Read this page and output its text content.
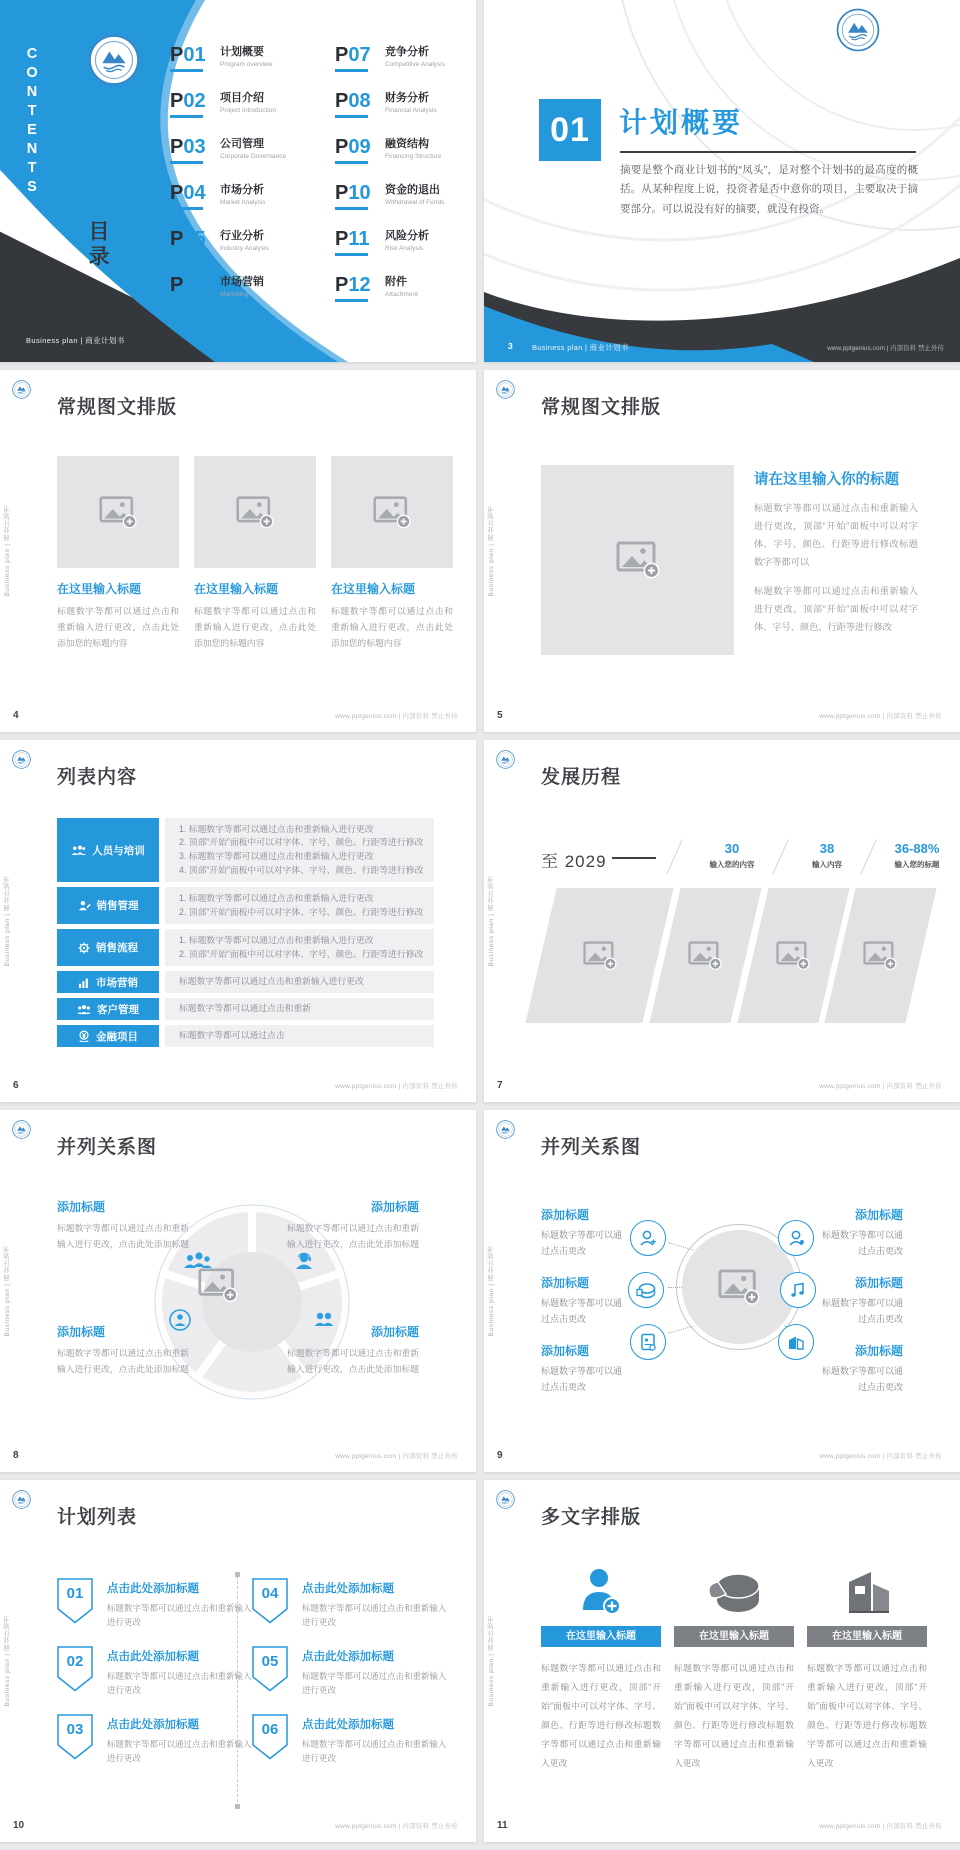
CONTENTS
目录
P01	计划概要
Program overview
P02	项目介绍
Project Introduction
P03	公司管理
Corporate Governance
P04	市场分析
Market Analysis
P05	行业分析
Industry Analysis
P06	市场营销
Marketing
P07	竞争分析
Competitive Analysis
P08	财务分析
Financial Analysis
P09	融资结构
Financing Structure
P10	资金的退出
Withdrawal of Funds
P11	风险分析
Risk Analysis
P12	附件
Attachment
Business plan | 商业计划书
01	计划概要
摘要是整个商业计划书的“凤头”，是对整个计划书的最高度的概括。从某种程度上说，投资者是否中意你的项目，主要取决于摘要部分。可以说没有好的摘要，就没有投资。
3	Business plan | 商业计划书	www.pptgenius.com | 内部资料 禁止外传
Business plan | 商业计划书
常规图文排版
在这里输入标题

标题数字等都可以通过点击和重新输入进行更改，点击此处添加您的标题内容

在这里输入标题

标题数字等都可以通过点击和重新输入进行更改，点击此处添加您的标题内容

在这里输入标题

标题数字等都可以通过点击和重新输入进行更改，点击此处添加您的标题内容

4	www.pptgenius.com | 内部资料 禁止外传
Business plan | 商业计划书
常规图文排版
请在这里输入你的标题

标题数字等都可以通过点击和重新输入进行更改，顶部“开始”面板中可以对字体、字号、颜色、行距等进行修改标题数字等都可以

标题数字等都可以通过点击和重新输入进行更改，顶部“开始”面板中可以对字体、字号、颜色、行距等进行修改

5	www.pptgenius.com | 内部资料 禁止外传
Business plan | 商业计划书
列表内容
人员与培训
1. 标题数字等都可以通过点击和重新输入进行更改
2. 顶部“开始”面板中可以对字体、字号、颜色、行距等进行修改
3. 标题数字等都可以通过点击和重新输入进行更改
4. 顶部“开始”面板中可以对字体、字号、颜色、行距等进行修改
销售管理
1. 标题数字等都可以通过点击和重新输入进行更改
2. 顶部“开始”面板中可以对字体、字号、颜色、行距等进行修改
销售流程
1. 标题数字等都可以通过点击和重新输入进行更改
2. 顶部“开始”面板中可以对字体、字号、颜色、行距等进行修改
市场营销	标题数字等都可以通过点击和重新输入进行更改
客户管理	标题数字等都可以通过点击和重新
金融项目	标题数字等都可以通过点击
6	www.pptgenius.com | 内部资料 禁止外传
Business plan | 商业计划书
发展历程
至 2029
30
输入您的内容
38
输入内容
36-88%
输入您的标题
7	www.pptgenius.com | 内部资料 禁止外传
Business plan | 商业计划书
并列关系图
添加标题

标题数字等都可以通过点击和重新输入进行更改，点击此处添加标题

添加标题

标题数字等都可以通过点击和重新输入进行更改，点击此处添加标题

添加标题

标题数字等都可以通过点击和重新输入进行更改，点击此处添加标题

添加标题

标题数字等都可以通过点击和重新输入进行更改，点击此处添加标题

8	www.pptgenius.com | 内部资料 禁止外传
Business plan | 商业计划书
并列关系图
添加标题

标题数字等都可以通过点击更改

添加标题

标题数字等都可以通过点击更改

添加标题

标题数字等都可以通过点击更改

添加标题

标题数字等都可以通过点击更改

添加标题

标题数字等都可以通过点击更改

添加标题

标题数字等都可以通过点击更改

9	www.pptgenius.com | 内部资料 禁止外传
Business plan | 商业计划书
计划列表
01	点击此处添加标题

标题数字等都可以通过点击和重新输入进行更改

02	点击此处添加标题

标题数字等都可以通过点击和重新输入进行更改

03	点击此处添加标题

标题数字等都可以通过点击和重新输入进行更改

04	点击此处添加标题

标题数字等都可以通过点击和重新输入进行更改

05	点击此处添加标题

标题数字等都可以通过点击和重新输入进行更改

06	点击此处添加标题

标题数字等都可以通过点击和重新输入进行更改

10	www.pptgenius.com | 内部资料 禁止外传
Business plan | 商业计划书
多文字排版
在这里输入标题

标题数字等都可以通过点击和重新输入进行更改，顶部“开始”面板中可以对字体、字号、颜色、行距等进行修改标题数字等都可以通过点击和重新输入更改

在这里输入标题

标题数字等都可以通过点击和重新输入进行更改，顶部“开始”面板中可以对字体、字号、颜色、行距等进行修改标题数字等都可以通过点击和重新输入更改

在这里输入标题

标题数字等都可以通过点击和重新输入进行更改，顶部“开始”面板中可以对字体、字号、颜色、行距等进行修改标题数字等都可以通过点击和重新输入更改

11	www.pptgenius.com | 内部资料 禁止外传
